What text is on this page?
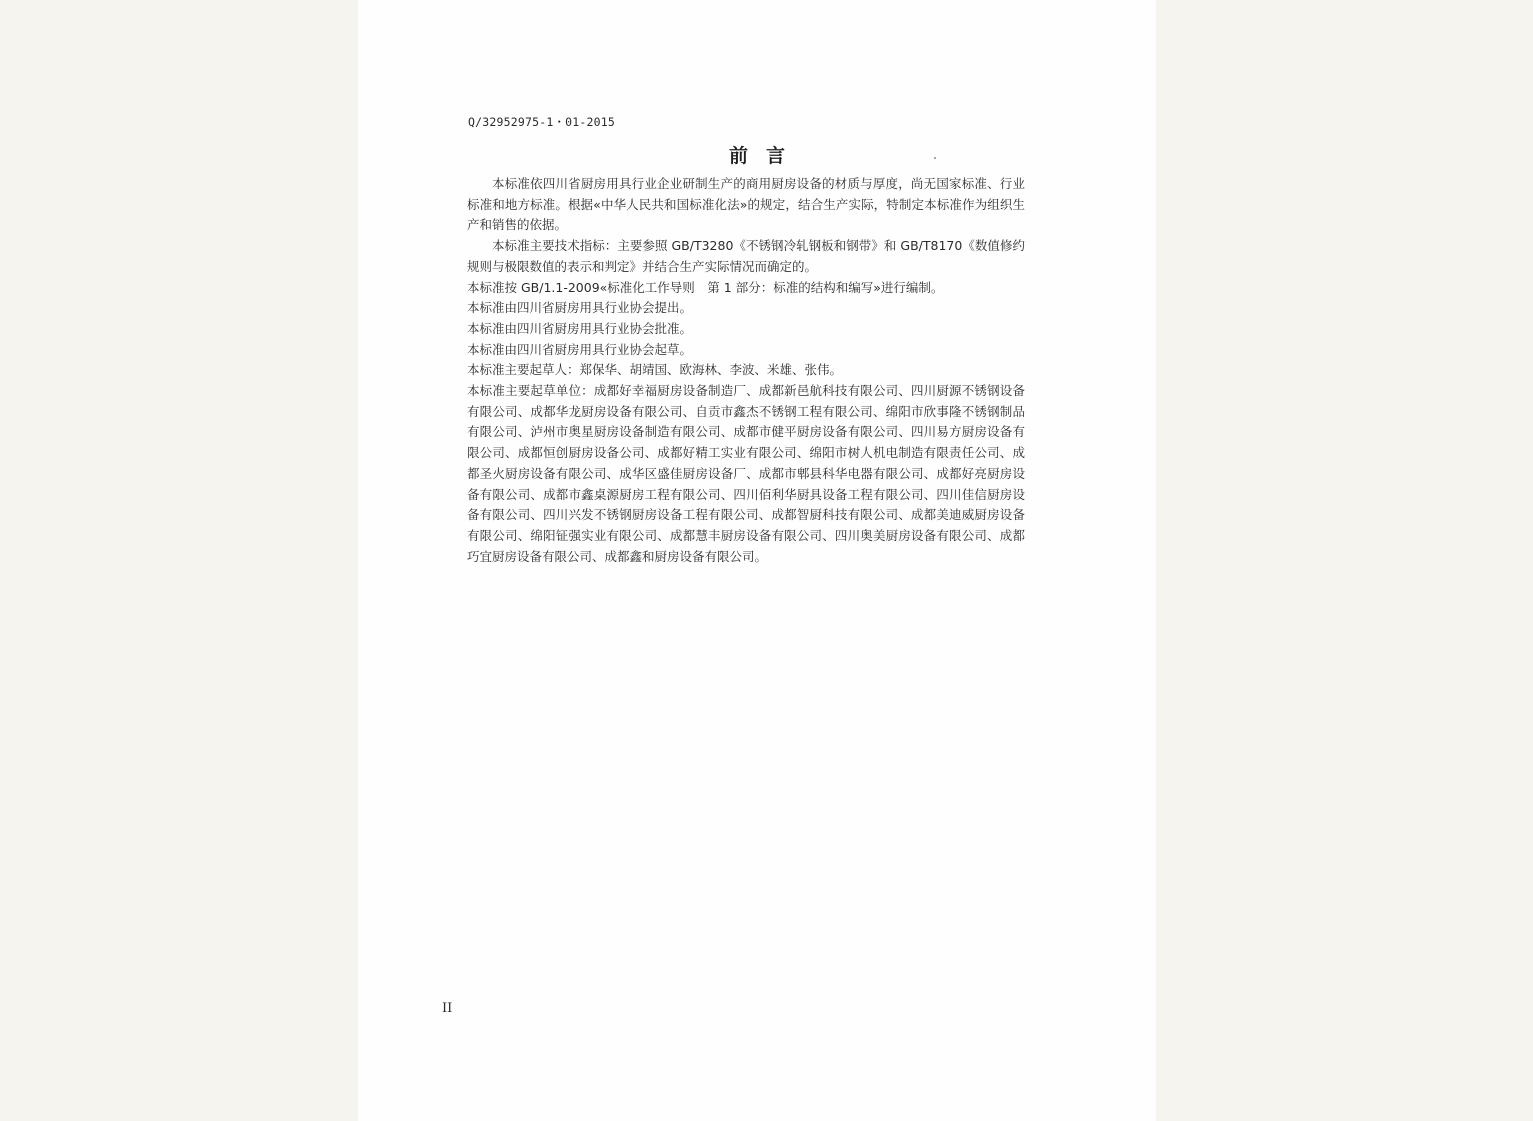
Q/32952975-1・01-2015
前言

本标准依四川省厨房用具行业企业研制生产的商用厨房设备的材质与厚度，尚无国家标准、行业标准和地方标准。根据«中华人民共和国标准化法»的规定，结合生产实际，特制定本标准作为组织生产和销售的依据。

本标准主要技术指标：主要参照 GB/T3280《不锈钢冷轧钢板和钢带》和 GB/T8170《数值修约规则与极限数值的表示和判定》并结合生产实际情况而确定的。

本标准按 GB/1.1-2009«标准化工作导则　第 1 部分：标准的结构和编写»进行编制。

本标准由四川省厨房用具行业协会提出。

本标准由四川省厨房用具行业协会批准。

本标准由四川省厨房用具行业协会起草。

本标准主要起草人：郑保华、胡靖国、欧海林、李波、米雄、张伟。

本标准主要起草单位：成都好幸福厨房设备制造厂、成都新邑航科技有限公司、四川厨源不锈钢设备有限公司、成都华龙厨房设备有限公司、自贡市鑫杰不锈钢工程有限公司、绵阳市欣事隆不锈钢制品有限公司、泸州市奥星厨房设备制造有限公司、成都市健平厨房设备有限公司、四川易方厨房设备有限公司、成都恒创厨房设备公司、成都好精工实业有限公司、绵阳市树人机电制造有限责任公司、成都圣火厨房设备有限公司、成华区盛佳厨房设备厂、成都市郫县科华电器有限公司、成都好亮厨房设备有限公司、成都市鑫桌源厨房工程有限公司、四川佰利华厨具设备工程有限公司、四川佳信厨房设备有限公司、四川兴发不锈钢厨房设备工程有限公司、成都智厨科技有限公司、成都美迪威厨房设备有限公司、绵阳钲强实业有限公司、成都慧丰厨房设备有限公司、四川奥美厨房设备有限公司、成都巧宜厨房设备有限公司、成都鑫和厨房设备有限公司。

II
